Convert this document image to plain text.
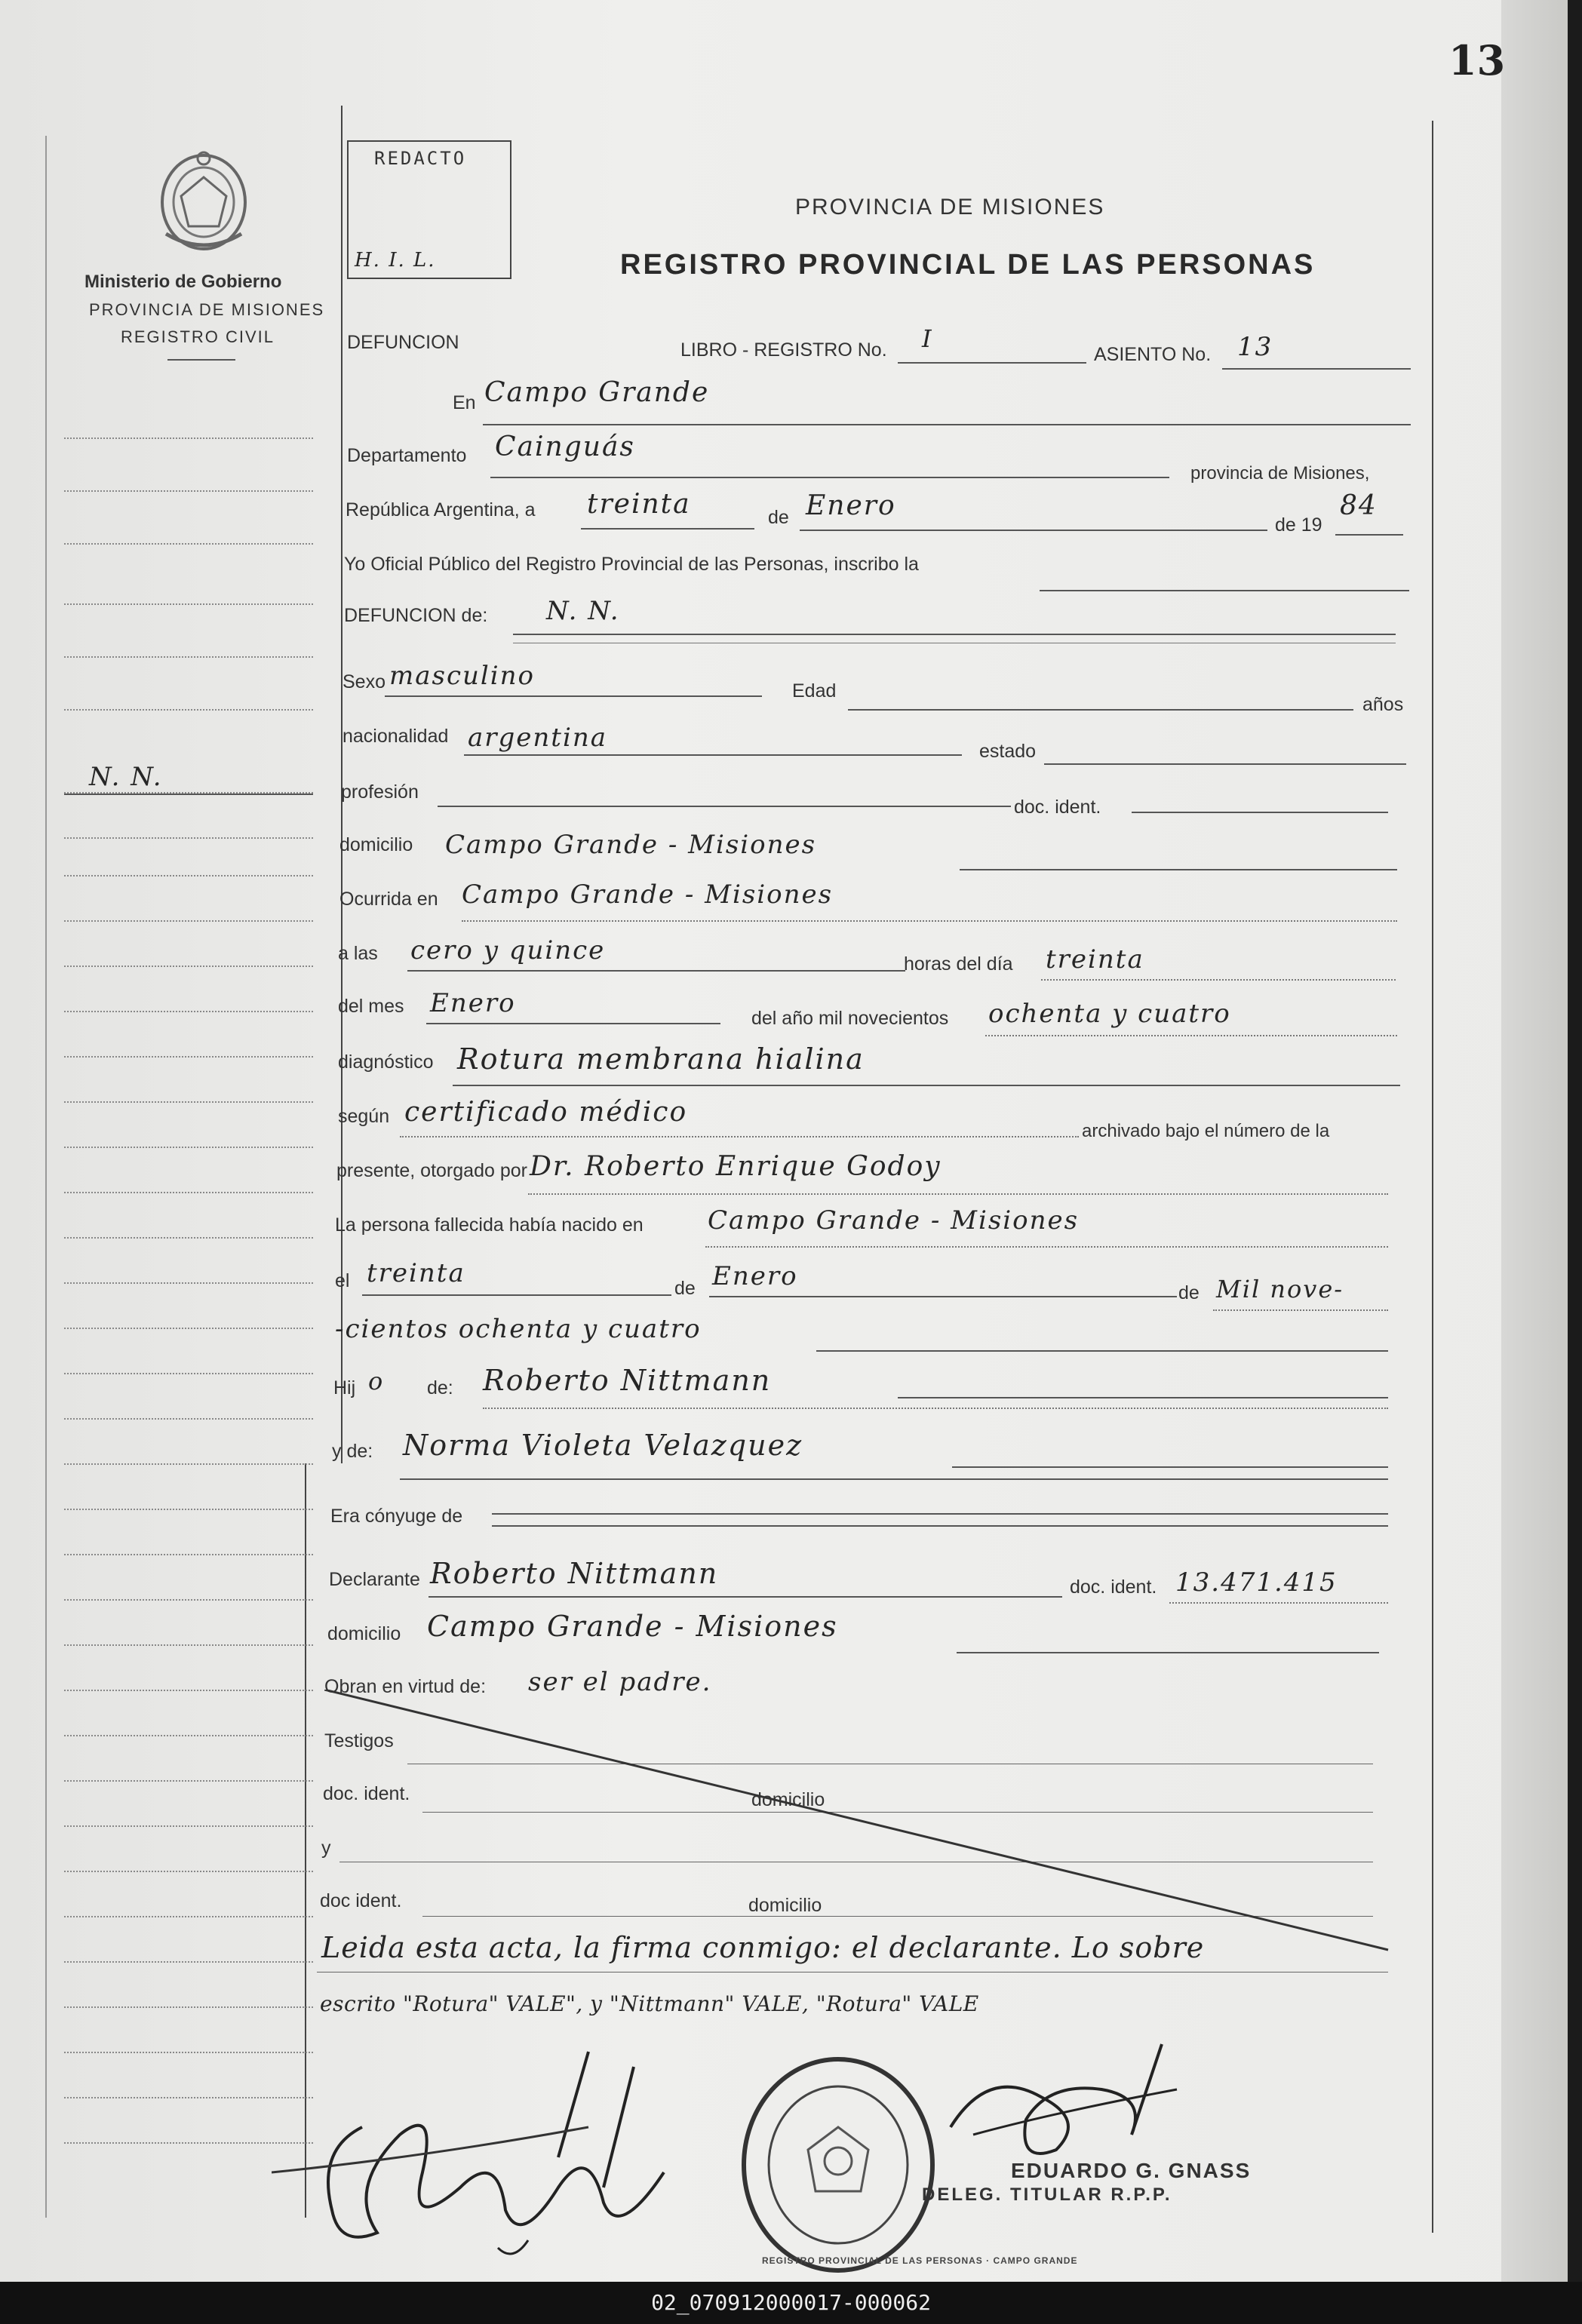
13
Ministerio de Gobierno
PROVINCIA DE MISIONES
REGISTRO CIVIL
REDACTO
H. I. L.
PROVINCIA DE MISIONES
REGISTRO PROVINCIAL DE LAS PERSONAS
N. N.
DEFUNCION	LIBRO - REGISTRO No. I
ASIENTO No. 13
En Campo Grande
Departamento Cainguás
provincia de Misiones,
República Argentina, a treinta	de Enero
de 19
84
Yo Oficial Público del Registro Provincial de las Personas, inscribo la
DEFUNCION de: N. N.
Sexo masculino	Edad
años
nacionalidad argentina	estado
profesión
doc. ident.
domicilio Campo Grande - Misiones
Ocurrida en Campo Grande - Misiones
a las cero y quince	horas del día treinta
del mes Enero	del año mil novecientos ochenta y cuatro
diagnóstico Rotura membrana hialina
según certificado médico
archivado bajo el número de la
presente, otorgado por Dr. Roberto Enrique Godoy
La persona fallecida había nacido en	Campo Grande - Misiones
el treinta	de Enero
de Mil nove-
-cientos ochenta y cuatro
Hij o de: Roberto Nittmann
y de: Norma Violeta Velazquez
Era cónyuge de
Declarante Roberto Nittmann	doc. ident. 13.471.415
domicilio Campo Grande - Misiones
Obran en virtud de: ser el padre.
Testigos
doc. ident.	domicilio
y
doc ident.	domicilio
Leida esta acta, la firma conmigo: el declarante. Lo sobre
escrito "Rotura" VALE", y "Nittmann" VALE, "Rotura" VALE
REGISTRO PROVINCIAL DE LAS PERSONAS · CAMPO GRANDE
EDUARDO G. GNASS
DELEG. TITULAR R.P.P.
02_070912000017-000062
